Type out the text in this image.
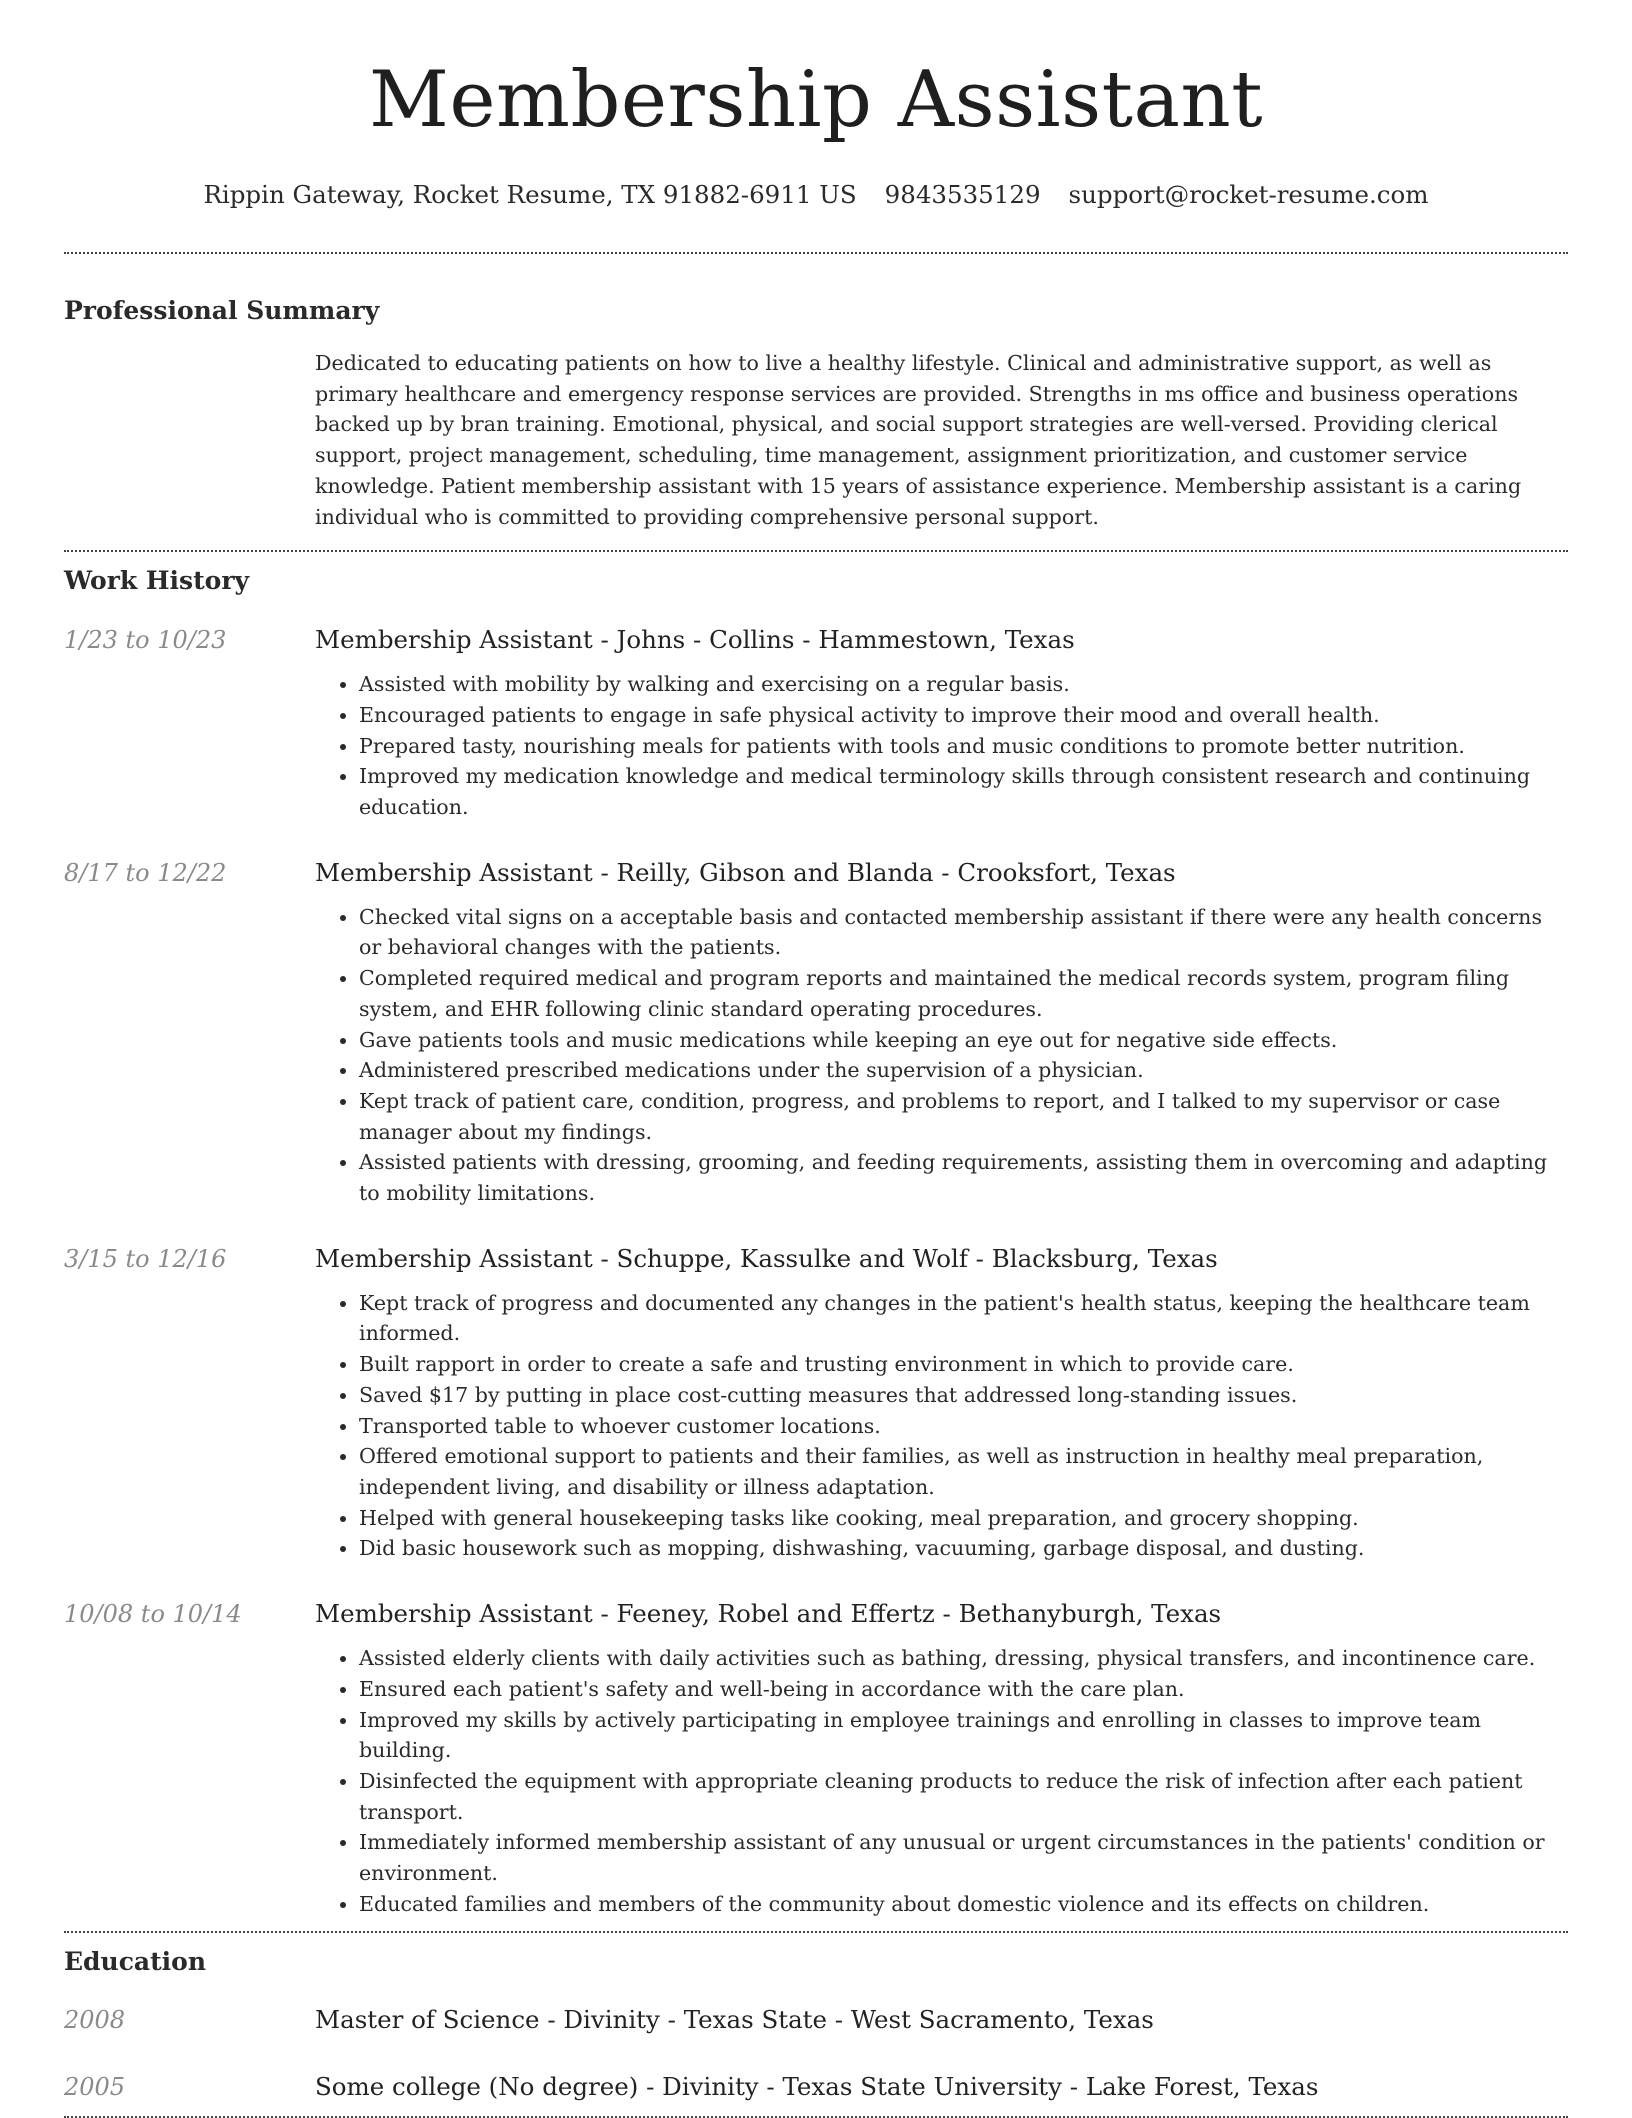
Membership Assistant
Rippin Gateway, Rocket Resume, TX 91882-6911 US 9843535129 support@rocket-resume.com
Professional Summary
Dedicated to educating patients on how to live a healthy lifestyle. Clinical and administrative support, as well as primary healthcare and emergency response services are provided. Strengths in ms office and business operations backed up by bran training. Emotional, physical, and social support strategies are well-versed. Providing clerical support, project management, scheduling, time management, assignment prioritization, and customer service knowledge. Patient membership assistant with 15 years of assistance experience. Membership assistant is a caring individual who is committed to providing comprehensive personal support.
Work History
1/23 to 10/23	Membership Assistant - Johns - Collins - Hammestown, Texas
• Assisted with mobility by walking and exercising on a regular basis.
• Encouraged patients to engage in safe physical activity to improve their mood and overall health.
• Prepared tasty, nourishing meals for patients with tools and music conditions to promote better nutrition.
• Improved my medication knowledge and medical terminology skills through consistent research and continuing education.
8/17 to 12/22	Membership Assistant - Reilly, Gibson and Blanda - Crooksfort, Texas
• Checked vital signs on a acceptable basis and contacted membership assistant if there were any health concerns or behavioral changes with the patients.
• Completed required medical and program reports and maintained the medical records system, program filing system, and EHR following clinic standard operating procedures.
• Gave patients tools and music medications while keeping an eye out for negative side effects.
• Administered prescribed medications under the supervision of a physician.
• Kept track of patient care, condition, progress, and problems to report, and I talked to my supervisor or case manager about my findings.
• Assisted patients with dressing, grooming, and feeding requirements, assisting them in overcoming and adapting to mobility limitations.
3/15 to 12/16	Membership Assistant - Schuppe, Kassulke and Wolf - Blacksburg, Texas
• Kept track of progress and documented any changes in the patient's health status, keeping the healthcare team informed.
• Built rapport in order to create a safe and trusting environment in which to provide care.
• Saved $17 by putting in place cost-cutting measures that addressed long-standing issues.
• Transported table to whoever customer locations.
• Offered emotional support to patients and their families, as well as instruction in healthy meal preparation, independent living, and disability or illness adaptation.
• Helped with general housekeeping tasks like cooking, meal preparation, and grocery shopping.
• Did basic housework such as mopping, dishwashing, vacuuming, garbage disposal, and dusting.
10/08 to 10/14	Membership Assistant - Feeney, Robel and Effertz - Bethanyburgh, Texas
• Assisted elderly clients with daily activities such as bathing, dressing, physical transfers, and incontinence care.
• Ensured each patient's safety and well-being in accordance with the care plan.
• Improved my skills by actively participating in employee trainings and enrolling in classes to improve team building.
• Disinfected the equipment with appropriate cleaning products to reduce the risk of infection after each patient transport.
• Immediately informed membership assistant of any unusual or urgent circumstances in the patients' condition or environment.
• Educated families and members of the community about domestic violence and its effects on children.
Education
2008	Master of Science - Divinity - Texas State - West Sacramento, Texas
2005	Some college (No degree) - Divinity - Texas State University - Lake Forest, Texas
